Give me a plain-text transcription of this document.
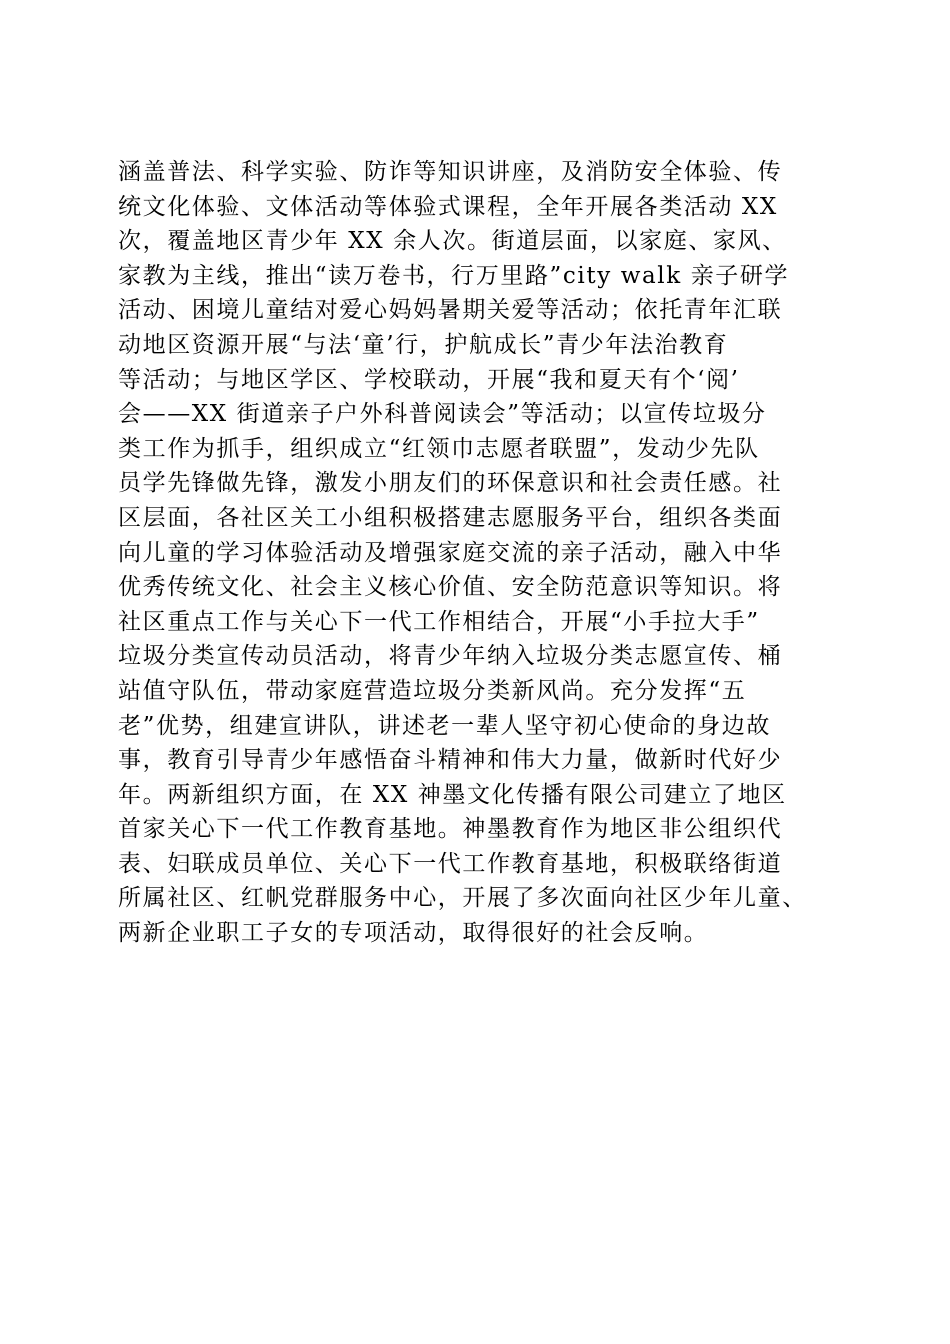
涵盖普法、科学实验、防诈等知识讲座，及消防安全体验、传
统文化体验、文体活动等体验式课程，全年开展各类活动 XX
次，覆盖地区青少年 XX 余人次。街道层面，以家庭、家风、
家教为主线，推出“读万卷书，行万里路”city walk 亲子研学
活动、困境儿童结对爱心妈妈暑期关爱等活动；依托青年汇联
动地区资源开展“与法‘童’行，护航成长”青少年法治教育
等活动；与地区学区、学校联动，开展“我和夏天有个‘阅’
会——XX 街道亲子户外科普阅读会”等活动；以宣传垃圾分
类工作为抓手，组织成立“红领巾志愿者联盟”，发动少先队
员学先锋做先锋，激发小朋友们的环保意识和社会责任感。社
区层面，各社区关工小组积极搭建志愿服务平台，组织各类面
向儿童的学习体验活动及增强家庭交流的亲子活动，融入中华
优秀传统文化、社会主义核心价值、安全防范意识等知识。将
社区重点工作与关心下一代工作相结合，开展“小手拉大手”
垃圾分类宣传动员活动，将青少年纳入垃圾分类志愿宣传、桶
站值守队伍，带动家庭营造垃圾分类新风尚。充分发挥“五
老”优势，组建宣讲队，讲述老一辈人坚守初心使命的身边故
事，教育引导青少年感悟奋斗精神和伟大力量，做新时代好少
年。两新组织方面，在 XX 神墨文化传播有限公司建立了地区
首家关心下一代工作教育基地。神墨教育作为地区非公组织代
表、妇联成员单位、关心下一代工作教育基地，积极联络街道
所属社区、红帆党群服务中心，开展了多次面向社区少年儿童、
两新企业职工子女的专项活动，取得很好的社会反响。
